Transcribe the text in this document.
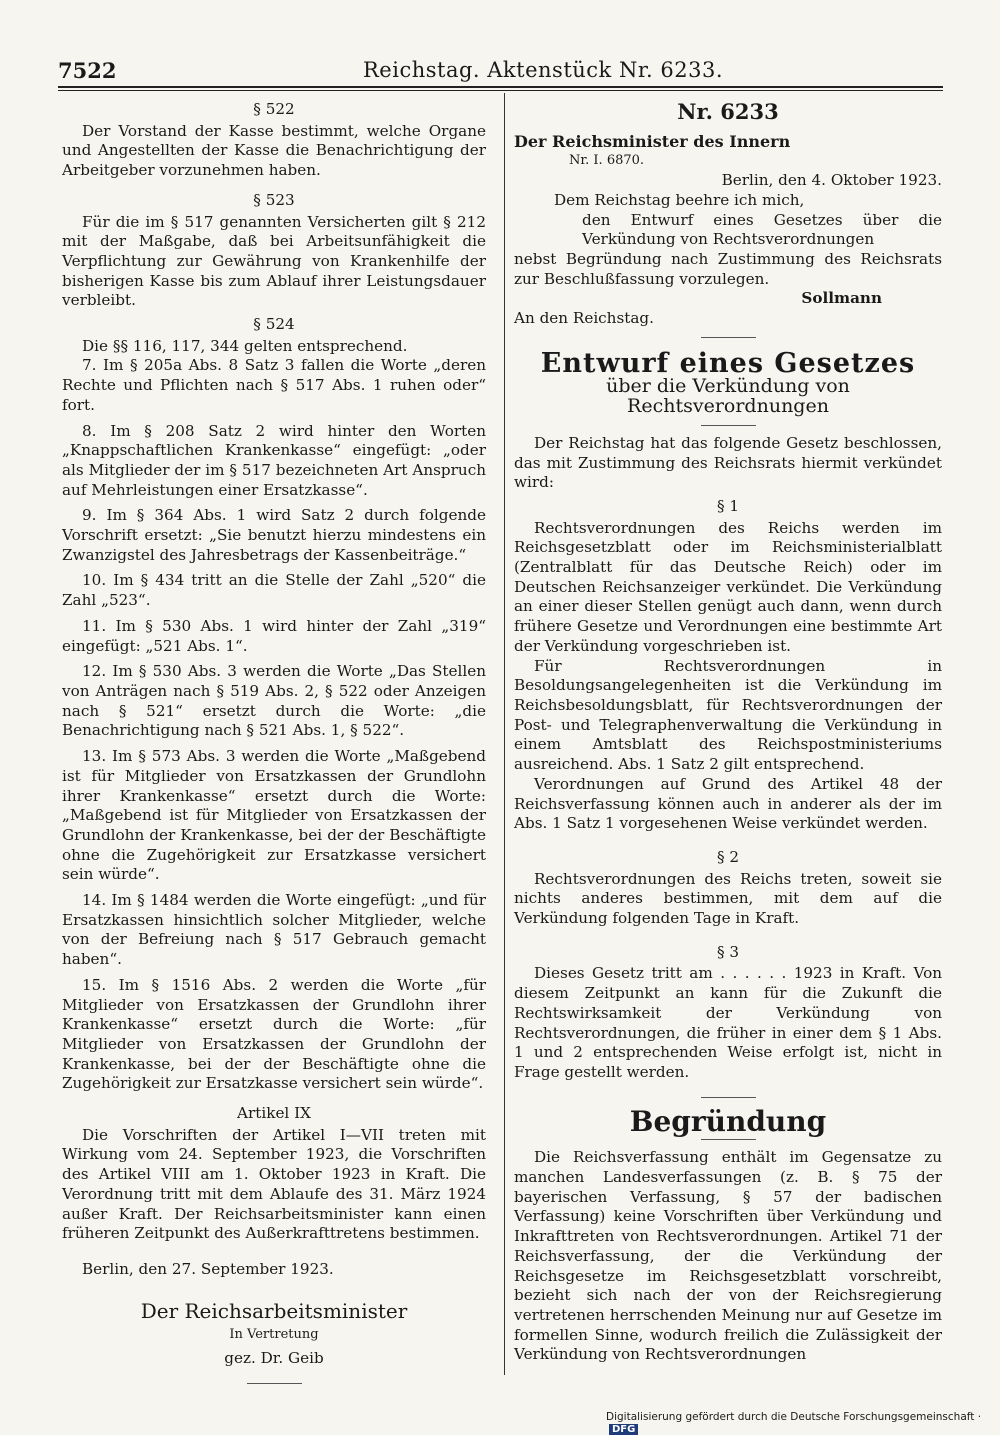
7522	Reichstag. Aktenstück Nr. 6233.

§ 522

Der Vorstand der Kasse bestimmt, welche Organe und Angestellten der Kasse die Benachrichtigung der Arbeitgeber vorzunehmen haben.

§ 523

Für die im § 517 genannten Versicherten gilt § 212 mit der Maßgabe, daß bei Arbeitsunfähigkeit die Verpflichtung zur Gewährung von Krankenhilfe der bisherigen Kasse bis zum Ablauf ihrer Leistungsdauer verbleibt.

§ 524

Die §§ 116, 117, 344 gelten entsprechend.

7. Im § 205a Abs. 8 Satz 3 fallen die Worte „deren Rechte und Pflichten nach § 517 Abs. 1 ruhen oder“ fort.

8. Im § 208 Satz 2 wird hinter den Worten „Knappschaftlichen Krankenkasse“ eingefügt: „oder als Mitglieder der im § 517 bezeichneten Art Anspruch auf Mehrleistungen einer Ersatzkasse“.

9. Im § 364 Abs. 1 wird Satz 2 durch folgende Vorschrift ersetzt: „Sie benutzt hierzu mindestens ein Zwanzigstel des Jahresbetrags der Kassenbeiträge.“

10. Im § 434 tritt an die Stelle der Zahl „520“ die Zahl „523“.

11. Im § 530 Abs. 1 wird hinter der Zahl „319“ eingefügt: „521 Abs. 1“.

12. Im § 530 Abs. 3 werden die Worte „Das Stellen von Anträgen nach § 519 Abs. 2, § 522 oder Anzeigen nach § 521“ ersetzt durch die Worte: „die Benachrichtigung nach § 521 Abs. 1, § 522“.

13. Im § 573 Abs. 3 werden die Worte „Maßgebend ist für Mitglieder von Ersatzkassen der Grundlohn ihrer Krankenkasse“ ersetzt durch die Worte: „Maßgebend ist für Mitglieder von Ersatzkassen der Grundlohn der Krankenkasse, bei der der Beschäftigte ohne die Zugehörigkeit zur Ersatzkasse versichert sein würde“.

14. Im § 1484 werden die Worte eingefügt: „und für Ersatzkassen hinsichtlich solcher Mitglieder, welche von der Befreiung nach § 517 Gebrauch gemacht haben“.

15. Im § 1516 Abs. 2 werden die Worte „für Mitglieder von Ersatzkassen der Grundlohn ihrer Krankenkasse“ ersetzt durch die Worte: „für Mitglieder von Ersatzkassen der Grundlohn der Krankenkasse, bei der der Beschäftigte ohne die Zugehörigkeit zur Ersatzkasse versichert sein würde“.

Artikel IX

Die Vorschriften der Artikel I—VII treten mit Wirkung vom 24. September 1923, die Vorschriften des Artikel VIII am 1. Oktober 1923 in Kraft. Die Verordnung tritt mit dem Ablaufe des 31. März 1924 außer Kraft. Der Reichsarbeitsminister kann einen früheren Zeitpunkt des Außerkrafttretens bestimmen.

Berlin, den 27. September 1923.

Der Reichsarbeitsminister
In Vertretung
gez. Dr. Geib
Nr. 6233
Der Reichsminister des Innern
Nr. I. 6870.

Berlin, den 4. Oktober 1923.

Dem Reichstag beehre ich mich,

den Entwurf eines Gesetzes über die Verkündung von Rechtsverordnungen

nebst Begründung nach Zustimmung des Reichsrats zur Beschlußfassung vorzulegen.

Sollmann

An den Reichstag.

Entwurf eines Gesetzes
über die Verkündung von Rechtsverordnungen

Der Reichstag hat das folgende Gesetz beschlossen, das mit Zustimmung des Reichsrats hiermit verkündet wird:

§ 1

Rechtsverordnungen des Reichs werden im Reichsgesetzblatt oder im Reichsministerialblatt (Zentralblatt für das Deutsche Reich) oder im Deutschen Reichsanzeiger verkündet. Die Verkündung an einer dieser Stellen genügt auch dann, wenn durch frühere Gesetze und Verordnungen eine bestimmte Art der Verkündung vorgeschrieben ist.

Für Rechtsverordnungen in Besoldungsangelegenheiten ist die Verkündung im Reichsbesoldungsblatt, für Rechtsverordnungen der Post- und Telegraphenverwaltung die Verkündung in einem Amtsblatt des Reichspostministeriums ausreichend. Abs. 1 Satz 2 gilt entsprechend.

Verordnungen auf Grund des Artikel 48 der Reichsverfassung können auch in anderer als der im Abs. 1 Satz 1 vorgesehenen Weise verkündet werden.

§ 2

Rechtsverordnungen des Reichs treten, soweit sie nichts anderes bestimmen, mit dem auf die Verkündung folgenden Tage in Kraft.

§ 3

Dieses Gesetz tritt am . . . . . . 1923 in Kraft. Von diesem Zeitpunkt an kann für die Zukunft die Rechtswirksamkeit der Verkündung von Rechtsverordnungen, die früher in einer dem § 1 Abs. 1 und 2 entsprechenden Weise erfolgt ist, nicht in Frage gestellt werden.

Begründung

Die Reichsverfassung enthält im Gegensatze zu manchen Landesverfassungen (z. B. § 75 der bayerischen Verfassung, § 57 der badischen Verfassung) keine Vorschriften über Verkündung und Inkrafttreten von Rechtsverordnungen. Artikel 71 der Reichsverfassung, der die Verkündung der Reichsgesetze im Reichsgesetzblatt vorschreibt, bezieht sich nach der von der Reichsregierung vertretenen herrschenden Meinung nur auf Gesetze im formellen Sinne, wodurch freilich die Zulässigkeit der Verkündung von Rechtsverordnungen

Digitalisierung gefördert durch die Deutsche Forschungsgemeinschaft ·DFG
